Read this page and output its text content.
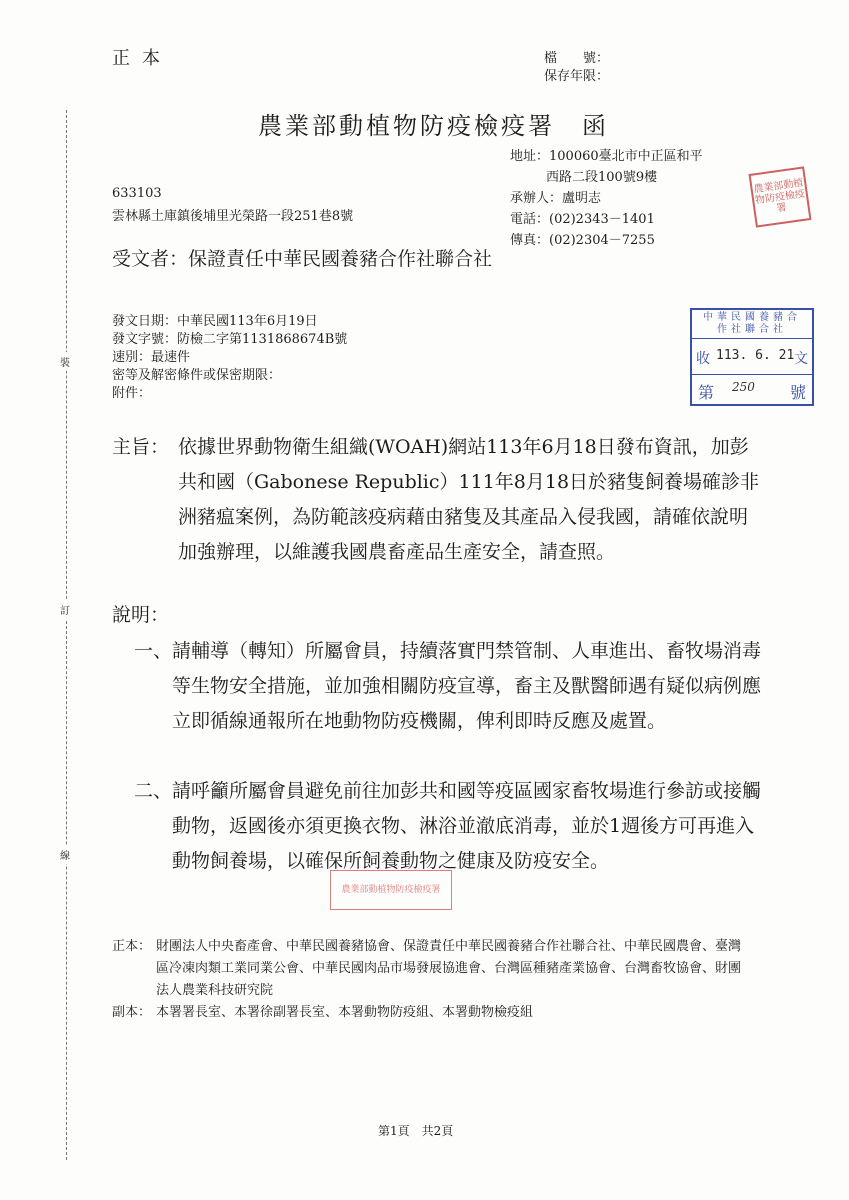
裝
訂
線
正本	檔　　號：
保存年限：
農業部動植物防疫檢疫署　函
地址：100060臺北市中正區和平
西路二段100號9樓
承辦人：盧明志
電話：(02)2343－1401
傳真：(02)2304－7255
農業部動植物防疫檢疫署
633103
雲林縣土庫鎮後埔里光榮路一段251巷8號
受文者：保證責任中華民國養豬合作社聯合社
發文日期：中華民國113年6月19日
發文字號：防檢二字第1131868674B號
速別：最速件
密等及解密條件或保密期限：
附件：
中華民國養豬合作社聯合社
收 113. 6. 21 文
第 250 號
主旨： 依據世界動物衛生組織(WOAH)網站113年6月18日發布資訊，加彭共和國（Gabonese Republic）111年8月18日於豬隻飼養場確診非洲豬瘟案例，為防範該疫病藉由豬隻及其產品入侵我國，請確依說明加強辦理，以維護我國農畜產品生產安全，請查照。
說明：
一、 請輔導（轉知）所屬會員，持續落實門禁管制、人車進出、畜牧場消毒等生物安全措施，並加強相關防疫宣導，畜主及獸醫師遇有疑似病例應立即循線通報所在地動物防疫機關，俾利即時反應及處置。
二、 請呼籲所屬會員避免前往加彭共和國等疫區國家畜牧場進行參訪或接觸動物，返國後亦須更換衣物、淋浴並澈底消毒，並於1週後方可再進入動物飼養場，以確保所飼養動物之健康及防疫安全。
農業部動植物防疫檢疫署
正本： 財團法人中央畜產會、中華民國養豬協會、保證責任中華民國養豬合作社聯合社、中華民國農會、臺灣區冷凍肉類工業同業公會、中華民國肉品市場發展協進會、台灣區種豬產業協會、台灣畜牧協會、財團法人農業科技研究院
副本： 本署署長室、本署徐副署長室、本署動物防疫組、本署動物檢疫組
第1頁　共2頁
